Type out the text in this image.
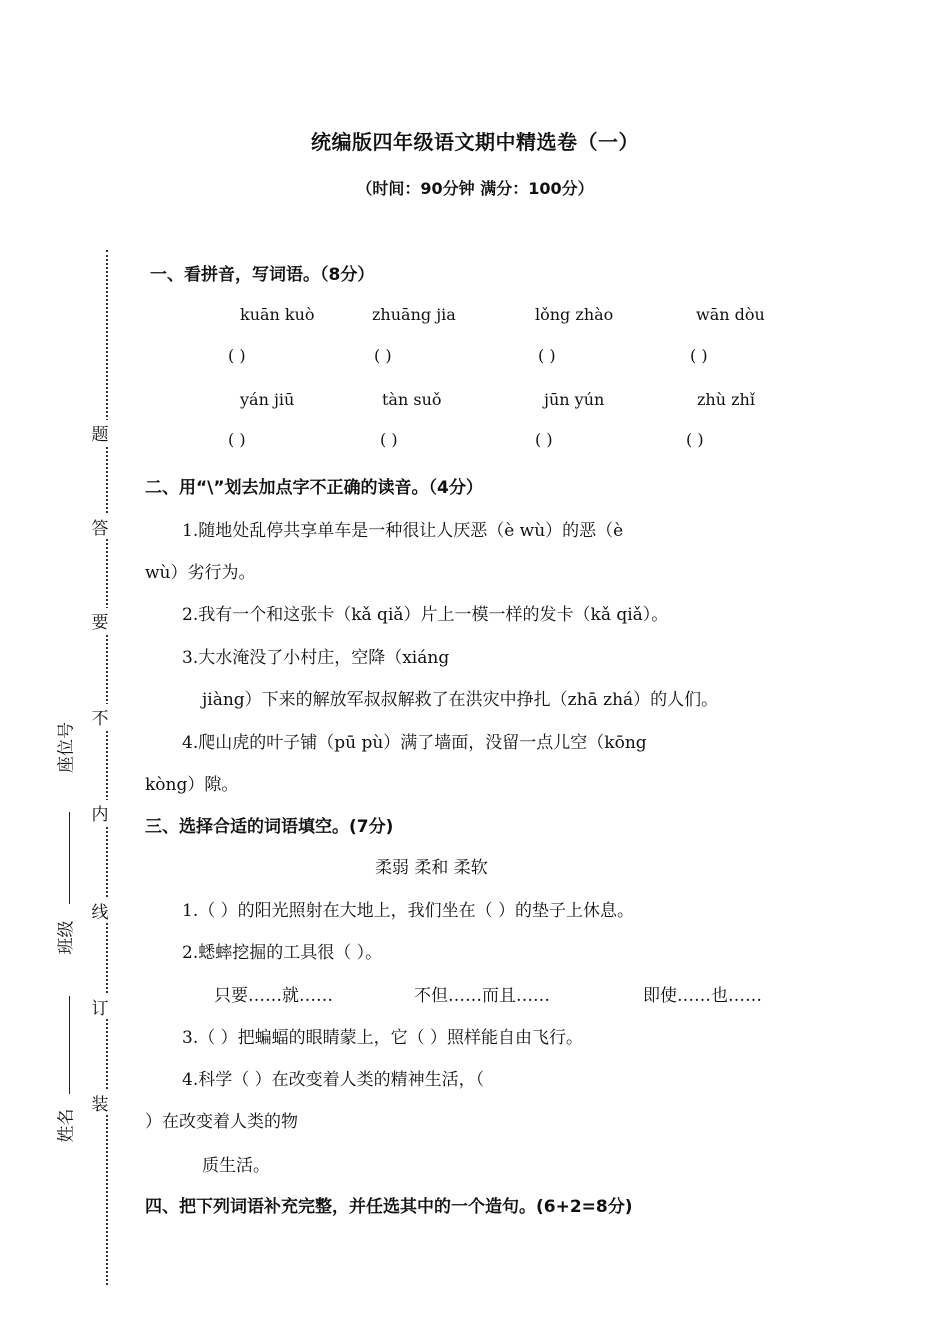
统编版四年级语文期中精选卷（一）
（时间：90分钟 满分：100分）
题
答
要
不
内
线
订
装
座位号
班级
姓名
一、看拼音，写词语。（8分）
kuān kuò	zhuāng jia	lǒng zhào	wān dòu
( )	( )	( )	( )
yán jiū	tàn suǒ	jūn yún	zhù zhǐ
( )	( )	( )	( )
二、用“\”划去加点字不正确的读音。（4分）
1.随地处乱停共享单车是一种很让人厌恶（è wù）的恶（è
wù）劣行为。
2.我有一个和这张卡（kǎ qiǎ）片上一模一样的发卡（kǎ qiǎ）。
3.大水淹没了小村庄，空降（xiáng
jiàng）下来的解放军叔叔解救了在洪灾中挣扎（zhā zhá）的人们。
4.爬山虎的叶子铺（pū pù）满了墙面，没留一点儿空（kōng
kòng）隙。
三、选择合适的词语填空。(7分)
柔弱 柔和 柔软
1.（ ）的阳光照射在大地上，我们坐在（ ）的垫子上休息。
2.蟋蟀挖掘的工具很（ ）。
只要……就……	不但……而且……	即使……也……
3.（ ）把蝙蝠的眼睛蒙上，它（ ）照样能自由飞行。
4.科学（ ）在改变着人类的精神生活，（
）在改变着人类的物
质生活。
四、把下列词语补充完整，并任选其中的一个造句。(6+2=8分)
